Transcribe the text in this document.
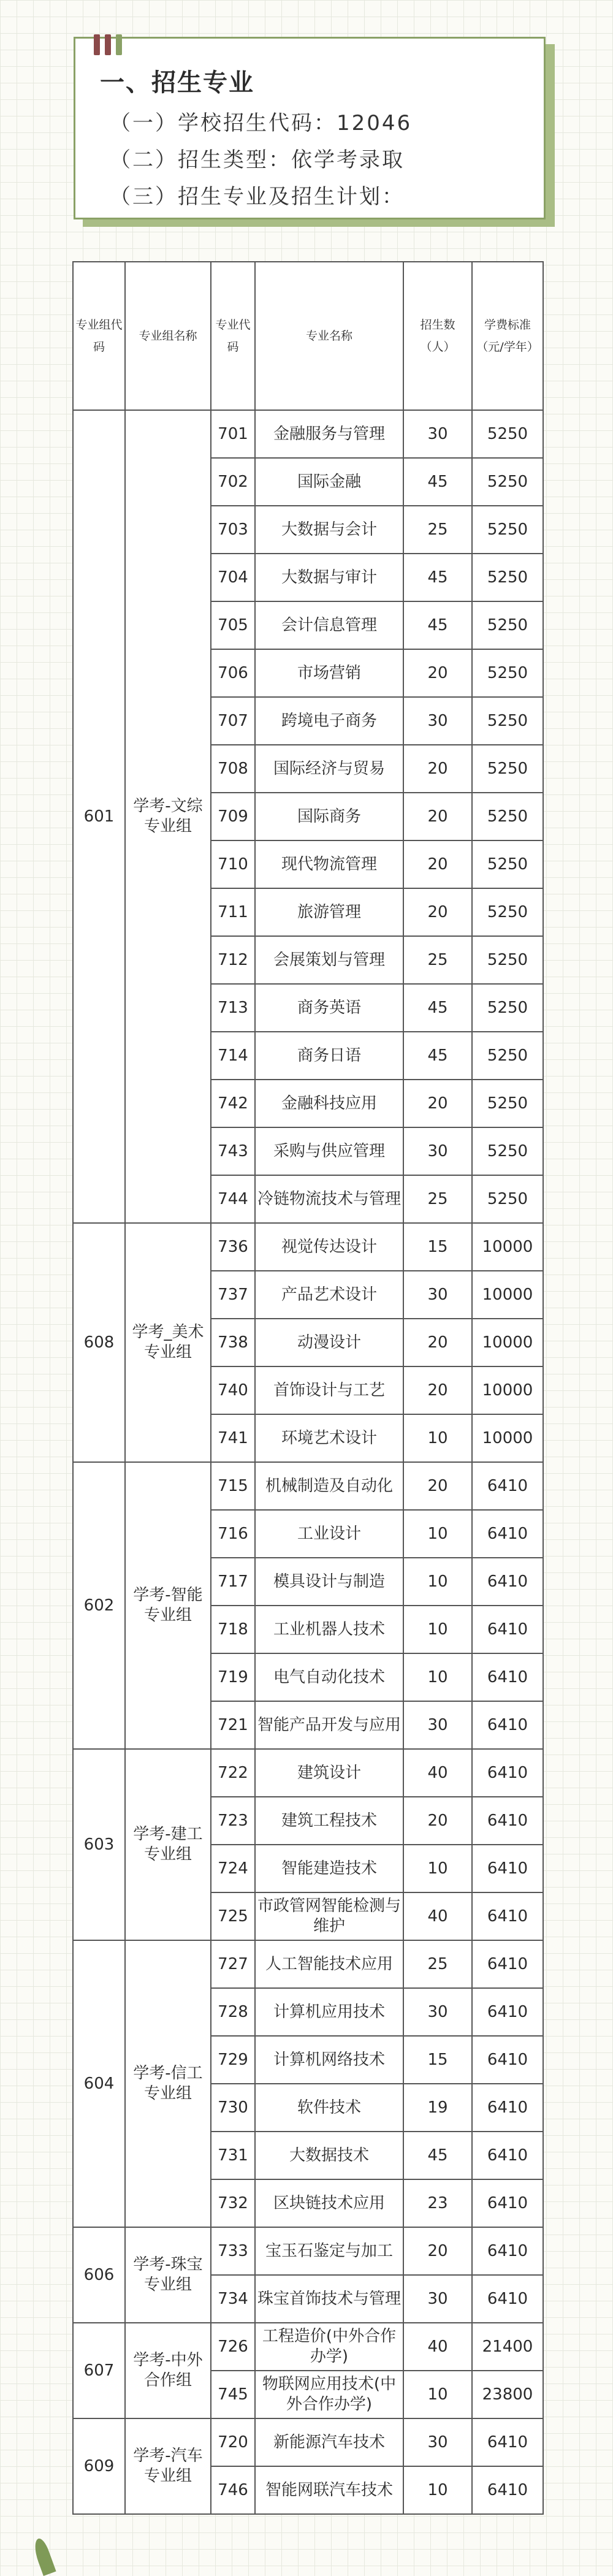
一、招生专业
（一）学校招生代码：12046
（二）招生类型：依学考录取
（三）招生专业及招生计划：
专业组代码	专业组名称	专业代码	专业名称	招生数（人）	学费标准（元/学年）
601	学考-文综专业组	701	金融服务与管理	30	5250
		702	国际金融	45	5250
		703	大数据与会计	25	5250
		704	大数据与审计	45	5250
		705	会计信息管理	45	5250
		706	市场营销	20	5250
		707	跨境电子商务	30	5250
		708	国际经济与贸易	20	5250
		709	国际商务	20	5250
		710	现代物流管理	20	5250
		711	旅游管理	20	5250
		712	会展策划与管理	25	5250
		713	商务英语	45	5250
		714	商务日语	45	5250
		742	金融科技应用	20	5250
		743	采购与供应管理	30	5250
		744	冷链物流技术与管理	25	5250
608	学考_美术专业组	736	视觉传达设计	15	10000
		737	产品艺术设计	30	10000
		738	动漫设计	20	10000
		740	首饰设计与工艺	20	10000
		741	环境艺术设计	10	10000
602	学考-智能专业组	715	机械制造及自动化	20	6410
		716	工业设计	10	6410
		717	模具设计与制造	10	6410
		718	工业机器人技术	10	6410
		719	电气自动化技术	10	6410
		721	智能产品开发与应用	30	6410
603	学考-建工专业组	722	建筑设计	40	6410
		723	建筑工程技术	20	6410
		724	智能建造技术	10	6410
		725	市政管网智能检测与维护	40	6410
604	学考-信工专业组	727	人工智能技术应用	25	6410
		728	计算机应用技术	30	6410
		729	计算机网络技术	15	6410
		730	软件技术	19	6410
		731	大数据技术	45	6410
		732	区块链技术应用	23	6410
606	学考-珠宝专业组	733	宝玉石鉴定与加工	20	6410
		734	珠宝首饰技术与管理	30	6410
607	学考-中外合作组	726	工程造价(中外合作办学)	40	21400
		745	物联网应用技术(中外合作办学)	10	23800
609	学考-汽车专业组	720	新能源汽车技术	30	6410
		746	智能网联汽车技术	10	6410
